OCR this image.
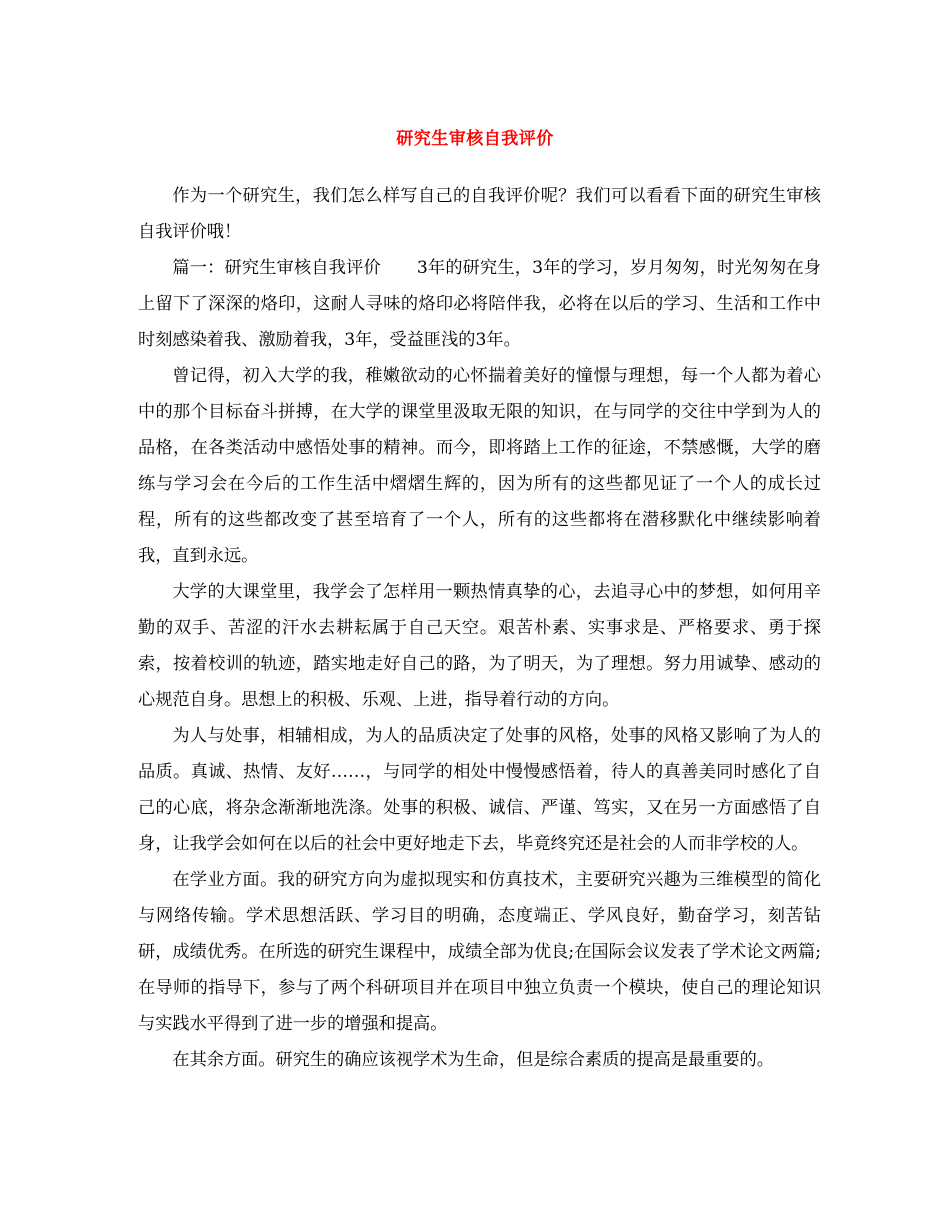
研究生审核自我评价

作为一个研究生，我们怎么样写自己的自我评价呢？我们可以看看下面的研究生审核自我评价哦！

篇一：研究生审核自我评价 3年的研究生，3年的学习，岁月匆匆，时光匆匆在身上留下了深深的烙印，这耐人寻味的烙印必将陪伴我，必将在以后的学习、生活和工作中时刻感染着我、激励着我，3年，受益匪浅的3年。

曾记得，初入大学的我，稚嫩欲动的心怀揣着美好的憧憬与理想，每一个人都为着心中的那个目标奋斗拼搏，在大学的课堂里汲取无限的知识，在与同学的交往中学到为人的品格，在各类活动中感悟处事的精神。而今，即将踏上工作的征途，不禁感慨，大学的磨练与学习会在今后的工作生活中熠熠生辉的，因为所有的这些都见证了一个人的成长过程，所有的这些都改变了甚至培育了一个人，所有的这些都将在潜移默化中继续影响着我，直到永远。

大学的大课堂里，我学会了怎样用一颗热情真挚的心，去追寻心中的梦想，如何用辛勤的双手、苦涩的汗水去耕耘属于自己天空。艰苦朴素、实事求是、严格要求、勇于探索，按着校训的轨迹，踏实地走好自己的路，为了明天，为了理想。努力用诚挚、感动的心规范自身。思想上的积极、乐观、上进，指导着行动的方向。

为人与处事，相辅相成，为人的品质决定了处事的风格，处事的风格又影响了为人的品质。真诚、热情、友好……，与同学的相处中慢慢感悟着，待人的真善美同时感化了自己的心底，将杂念渐渐地洗涤。处事的积极、诚信、严谨、笃实，又在另一方面感悟了自身，让我学会如何在以后的社会中更好地走下去，毕竟终究还是社会的人而非学校的人。

在学业方面。我的研究方向为虚拟现实和仿真技术，主要研究兴趣为三维模型的简化与网络传输。学术思想活跃、学习目的明确，态度端正、学风良好，勤奋学习，刻苦钻研，成绩优秀。在所选的研究生课程中，成绩全部为优良;在国际会议发表了学术论文两篇;在导师的指导下，参与了两个科研项目并在项目中独立负责一个模块，使自己的理论知识与实践水平得到了进一步的增强和提高。

在其余方面。研究生的确应该视学术为生命，但是综合素质的提高是最重要的。
